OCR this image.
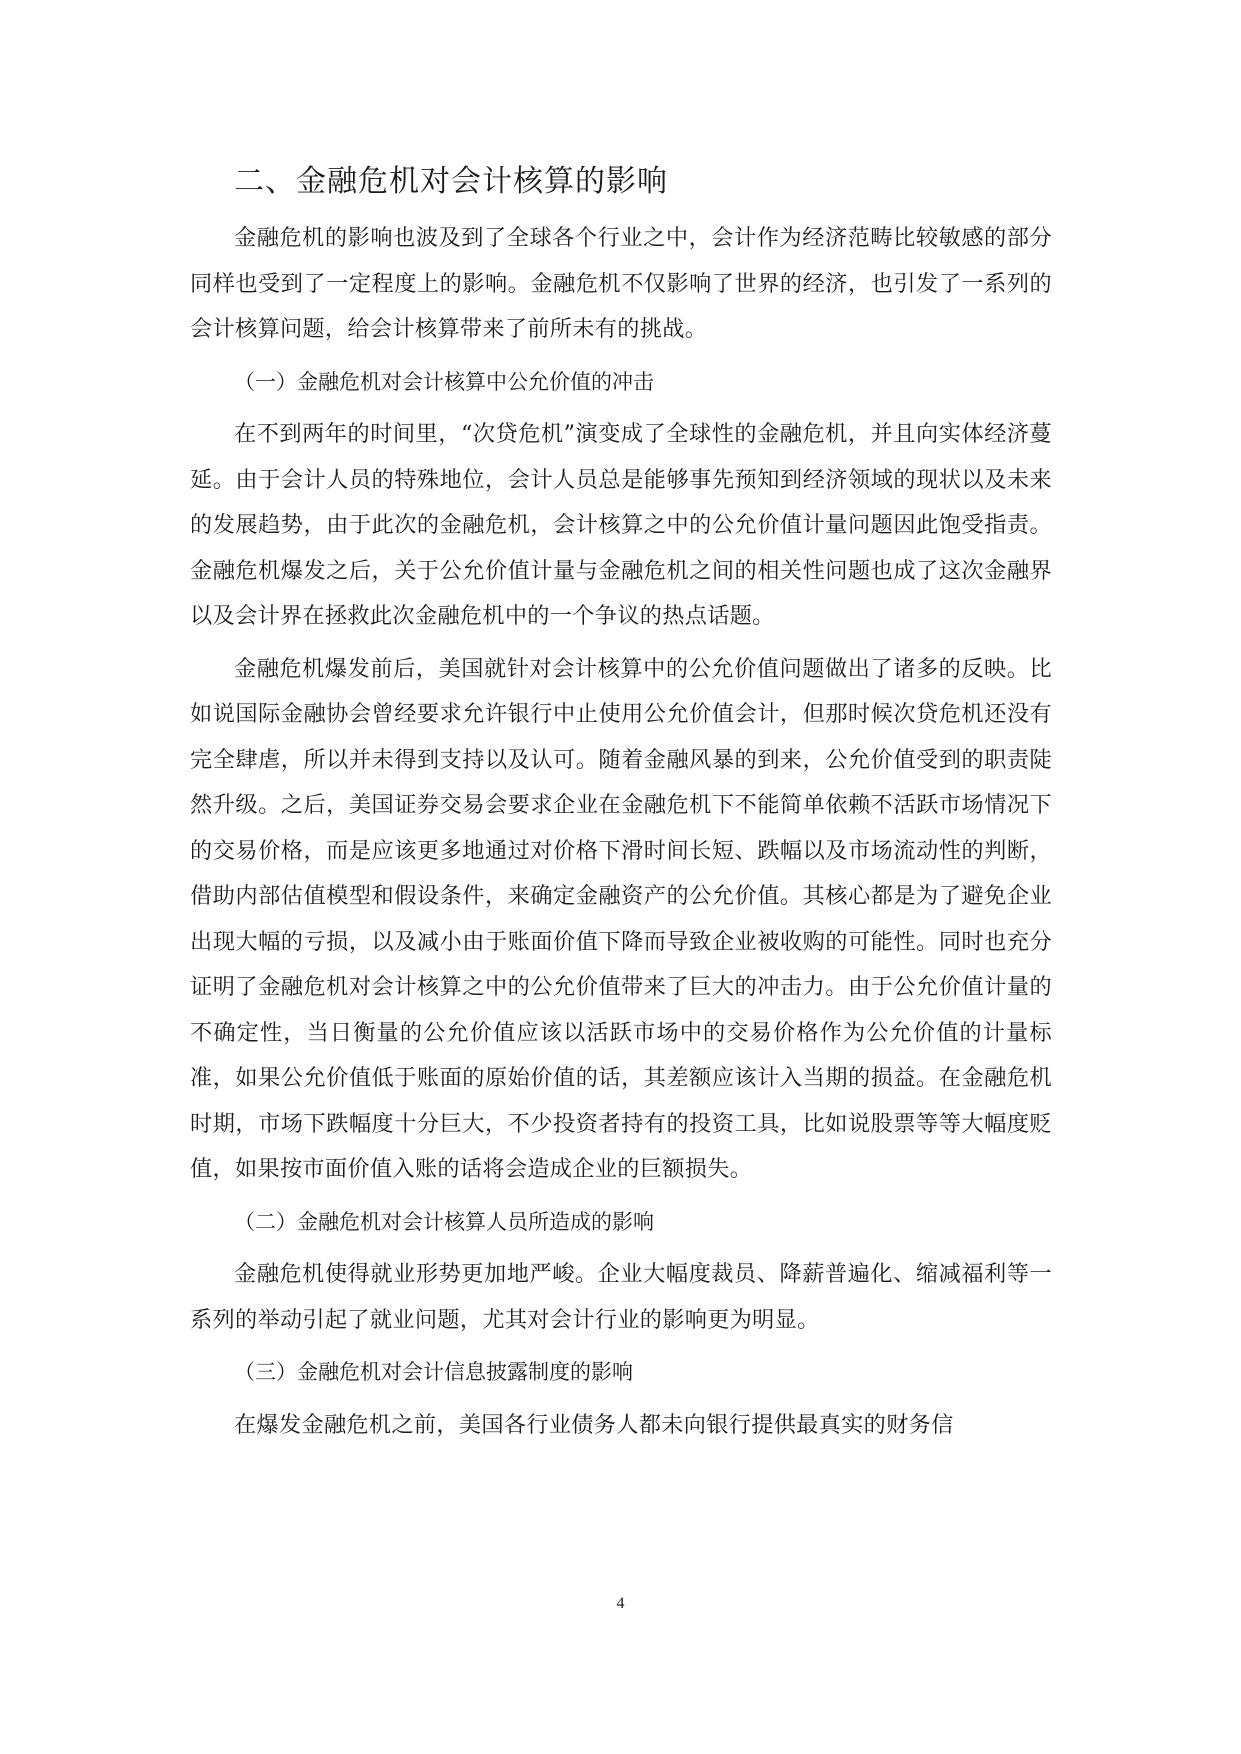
二、金融危机对会计核算的影响

金融危机的影响也波及到了全球各个行业之中，会计作为经济范畴比较敏感的部分同样也受到了一定程度上的影响。金融危机不仅影响了世界的经济，也引发了一系列的会计核算问题，给会计核算带来了前所未有的挑战。

（一）金融危机对会计核算中公允价值的冲击

在不到两年的时间里，“次贷危机”演变成了全球性的金融危机，并且向实体经济蔓延。由于会计人员的特殊地位，会计人员总是能够事先预知到经济领域的现状以及未来的发展趋势，由于此次的金融危机，会计核算之中的公允价值计量问题因此饱受指责。金融危机爆发之后，关于公允价值计量与金融危机之间的相关性问题也成了这次金融界以及会计界在拯救此次金融危机中的一个争议的热点话题。

金融危机爆发前后，美国就针对会计核算中的公允价值问题做出了诸多的反映。比如说国际金融协会曾经要求允许银行中止使用公允价值会计，但那时候次贷危机还没有完全肆虐，所以并未得到支持以及认可。随着金融风暴的到来，公允价值受到的职责陡然升级。之后，美国证券交易会要求企业在金融危机下不能简单依赖不活跃市场情况下的交易价格，而是应该更多地通过对价格下滑时间长短、跌幅以及市场流动性的判断，借助内部估值模型和假设条件，来确定金融资产的公允价值。其核心都是为了避免企业出现大幅的亏损，以及减小由于账面价值下降而导致企业被收购的可能性。同时也充分证明了金融危机对会计核算之中的公允价值带来了巨大的冲击力。由于公允价值计量的不确定性，当日衡量的公允价值应该以活跃市场中的交易价格作为公允价值的计量标准，如果公允价值低于账面的原始价值的话，其差额应该计入当期的损益。在金融危机时期，市场下跌幅度十分巨大，不少投资者持有的投资工具，比如说股票等等大幅度贬值，如果按市面价值入账的话将会造成企业的巨额损失。

（二）金融危机对会计核算人员所造成的影响

金融危机使得就业形势更加地严峻。企业大幅度裁员、降薪普遍化、缩减福利等一系列的举动引起了就业问题，尤其对会计行业的影响更为明显。

（三）金融危机对会计信息披露制度的影响

在爆发金融危机之前，美国各行业债务人都未向银行提供最真实的财务信

4
